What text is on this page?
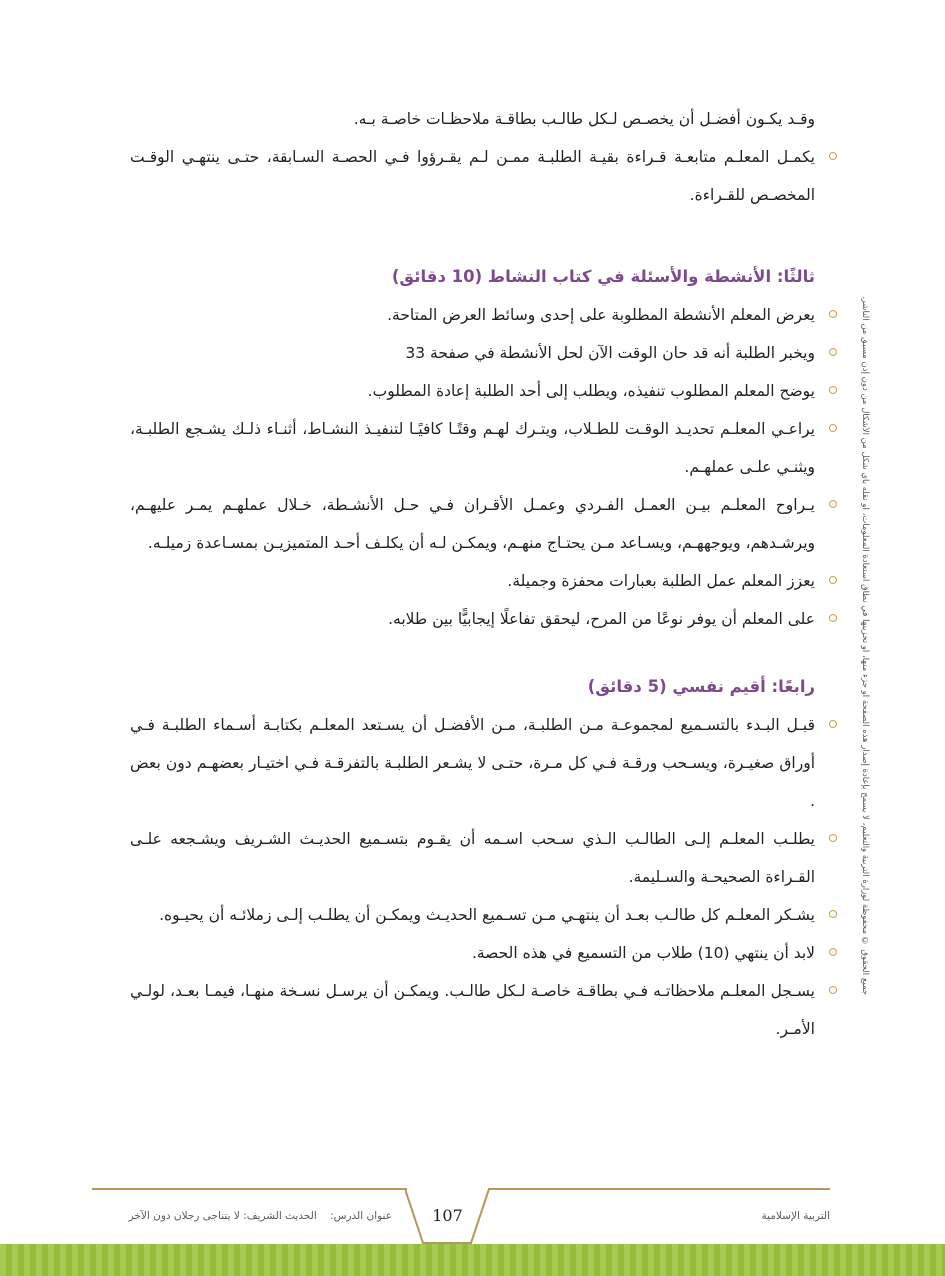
وقـد يكـون أفضـل أن يخصـص لـكل طالـب بطاقـة ملاحظـات خاصـة بـه.

يكمـل المعلـم متابعـة قـراءة بقيـة الطلبـة ممـن لـم يقـرؤوا فـي الحصـة السـابقة، حتـى ينتهـي الوقـت المخصـص للقـراءة.

ثالثًا: الأنشطة والأسئلة في كتاب النشاط (10 دقائق)

يعرض المعلم الأنشطة المطلوبة على إحدى وسائط العرض المتاحة.

ويخبر الطلبة أنه قد حان الوقت الآن لحل الأنشطة في صفحة 33

يوضح المعلم المطلوب تنفيذه، ويطلب إلى أحد الطلبة إعادة المطلوب.

يراعـي المعلـم تحديـد الوقـت للطـلاب، ويتـرك لهـم وقتًـا كافيًـا لتنفيـذ النشـاط، أثنـاء ذلـك يشـجع الطلبـة، ويثنـي علـى عملهـم.

يـراوح المعلـم بيـن العمـل الفـردي وعمـل الأقـران فـي حـل الأنشـطة، خـلال عملهـم يمـر عليهـم، ويرشـدهم، ويوجههـم، ويسـاعد مـن يحتـاج منهـم، ويمكـن لـه أن يكلـف أحـد المتميزيـن بمسـاعدة زميلـه.

يعزز المعلم عمل الطلبة بعبارات محفزة وجميلة.

على المعلم أن يوفر نوعًا من المرح، ليحقق تفاعلًا إيجابيًّا بين طلابه.

رابعًا: أقيم نفسي (5 دقائق)

قبـل البـدء بالتسـميع لمجموعـة مـن الطلبـة، مـن الأفضـل أن يسـتعد المعلـم بكتابـة أسـماء الطلبـة فـي أوراق صغيـرة، ويسـحب ورقـة فـي كل مـرة، حتـى لا يشـعر الطلبـة بالتفرقـة فـي اختيـار بعضهـم دون بعض .

يطلـب المعلـم إلـى الطالـب الـذي سـحب اسـمه أن يقـوم بتسـميع الحديـث الشـريف ويشـجعه علـى القـراءة الصحيحـة والسـليمة.

يشـكر المعلـم كل طالـب بعـد أن ينتهـي مـن تسـميع الحديـث ويمكـن أن يطلـب إلـى زملائـه أن يحيـوه.

لابد أن ينتهي (10) طلاب من التسميع في هذه الحصة.

يسـجل المعلـم ملاحظاتـه فـي بطاقـة خاصـة لـكل طالـب. ويمكـن أن يرسـل نسـخة منهـا، فيمـا بعـد، لولـي الأمـر.

جميع الحقوق © محفوظة لوزارة التربية والتعليم، لا يسمح بإعادة إصدار هذه الصفحة أو جزء منها، أو تخزينها في نطاق استعادة المعلومات، أو نقله بأي شكل من الأشكال من دون إذن مسبق من الناشر.
107
عنوان الدرس:    الحديث الشريف: لا يتناجى رجلان دون الآخر	التربية الإسلامية
